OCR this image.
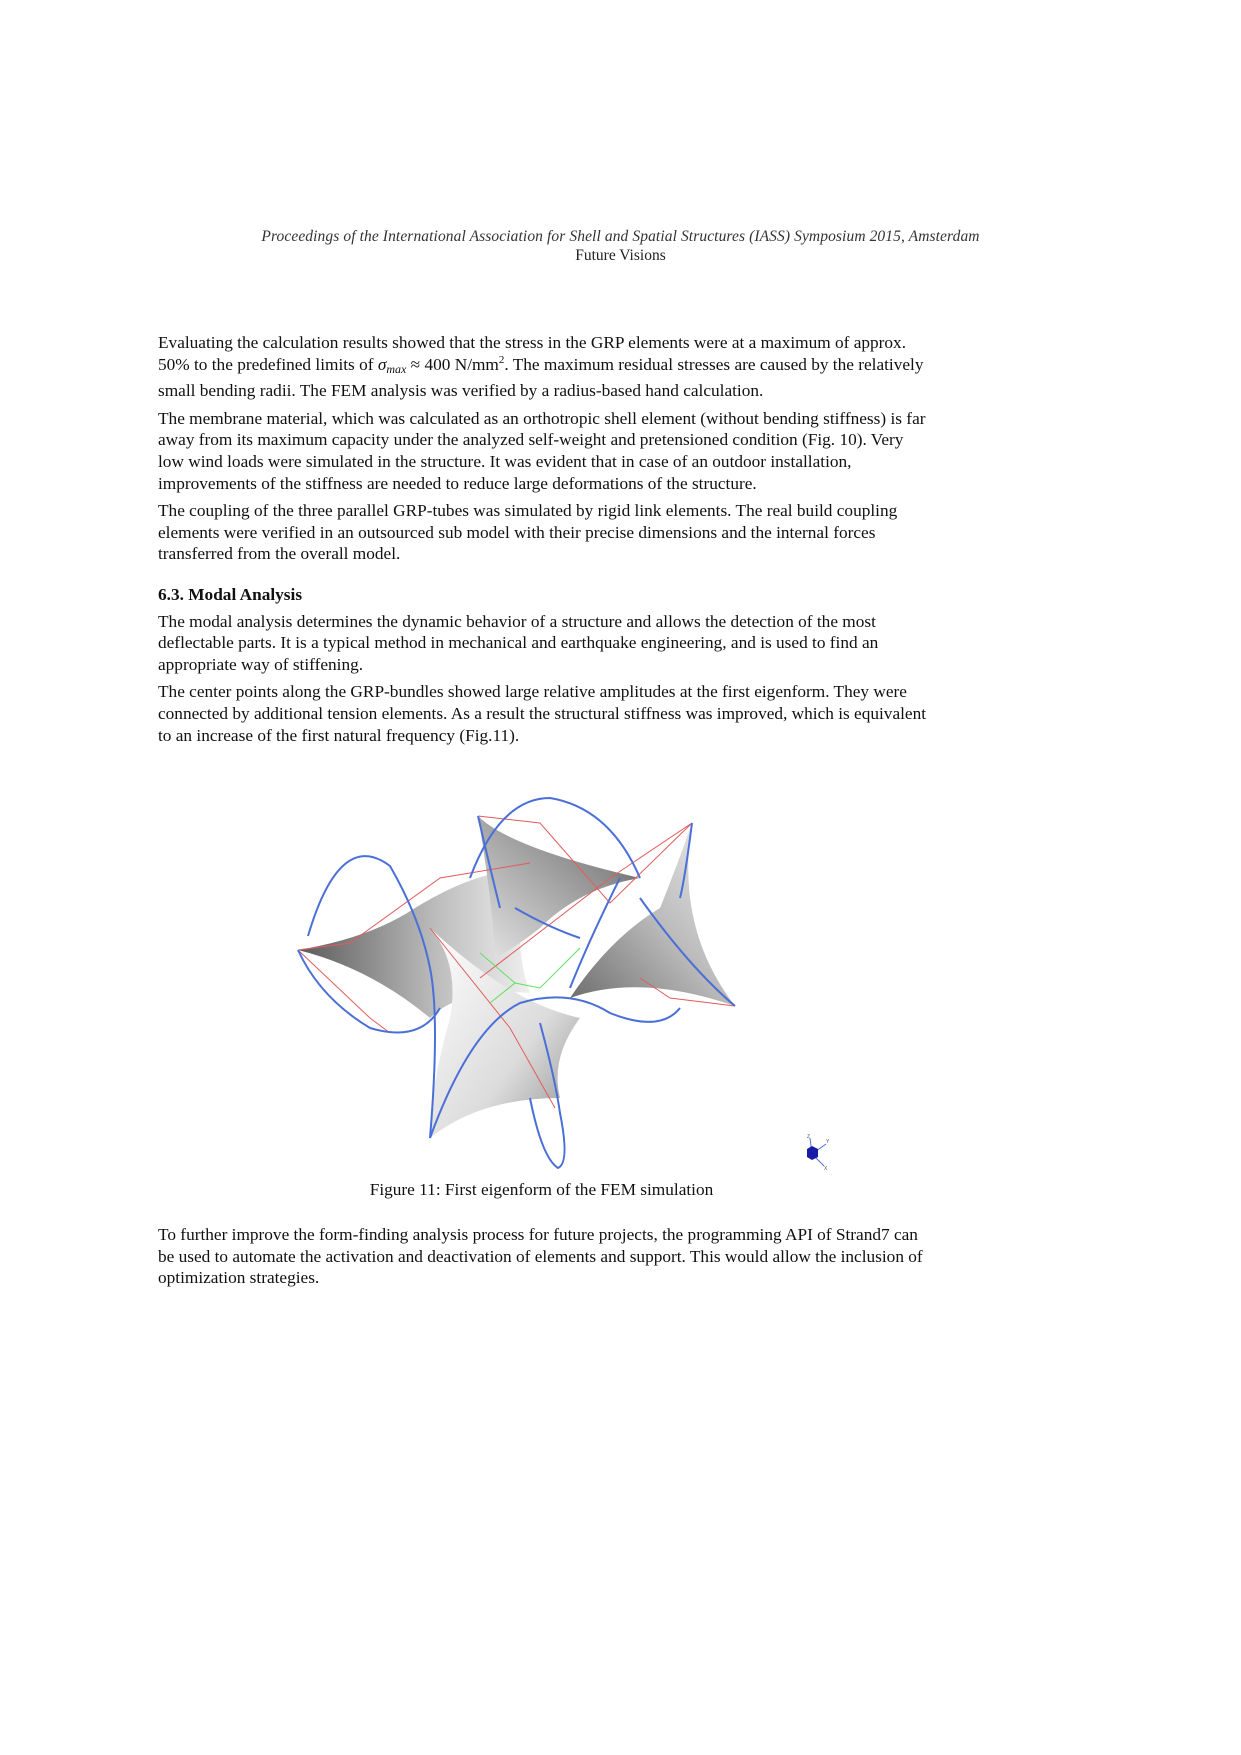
Proceedings of the International Association for Shell and Spatial Structures (IASS) Symposium 2015, Amsterdam
Future Visions

Evaluating the calculation results showed that the stress in the GRP elements were at a maximum of approx. 50% to the predefined limits of σmax ≈ 400 $N/mm^2$. The maximum residual stresses are caused by the relatively small bending radii. The FEM analysis was verified by a radius-based hand calculation.

The membrane material, which was calculated as an orthotropic shell element (without bending stiffness) is far away from its maximum capacity under the analyzed self-weight and pretensioned condition (Fig. 10). Very low wind loads were simulated in the structure. It was evident that in case of an outdoor installation, improvements of the stiffness are needed to reduce large deformations of the structure.

The coupling of the three parallel GRP-tubes was simulated by rigid link elements. The real build coupling elements were verified in an outsourced sub model with their precise dimensions and the internal forces transferred from the overall model.

6.3. Modal Analysis

The modal analysis determines the dynamic behavior of a structure and allows the detection of the most deflectable parts. It is a typical method in mechanical and earthquake engineering, and is used to find an appropriate way of stiffening.

The center points along the GRP-bundles showed large relative amplitudes at the first eigenform. They were connected by additional tension elements. As a result the structural stiffness was improved, which is equivalent to an increase of the first natural frequency (Fig.11).

Z
Y
X
Figure 11: First eigenform of the FEM simulation

To further improve the form-finding analysis process for future projects, the programming API of Strand7 can be used to automate the activation and deactivation of elements and support. This would allow the inclusion of optimization strategies.
